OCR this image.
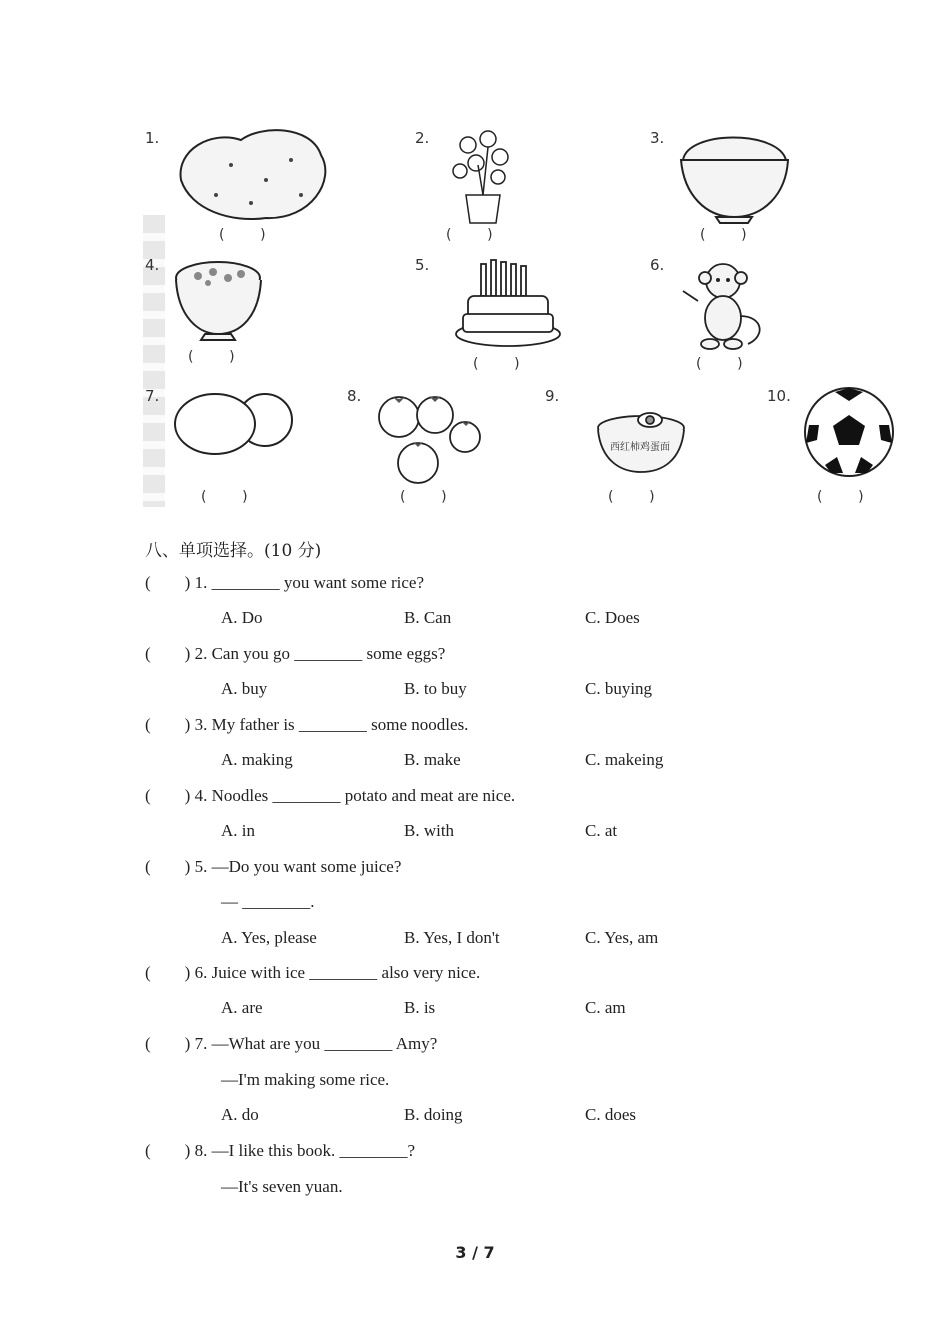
1.
(        )
2.
(        )
3.
(        )
4.
(        )
5.
(        )
6.
(        )
7.
(        )
8.
(        )
9.
西红柿鸡蛋面
(        )
10.
(        )
八、单项选择。(10 分)
(        ) 1. ________ you want some rice?
A. Do	B. Can	C. Does
(        ) 2. Can you go ________ some eggs?
A. buy	B. to buy	C. buying
(        ) 3. My father is ________ some noodles.
A. making	B. make	C. makeing
(        ) 4. Noodles ________ potato and meat are nice.
A. in	B. with	C. at
(        ) 5. —Do you want some juice?
— ________.
A. Yes, please	B. Yes, I don't	C. Yes, am
(        ) 6. Juice with ice ________ also very nice.
A. are	B. is	C. am
(        ) 7. —What are you ________ Amy?
—I'm making some rice.
A. do	B. doing	C. does
(        ) 8. —I like this book. ________?
—It's seven yuan.
3 / 7
